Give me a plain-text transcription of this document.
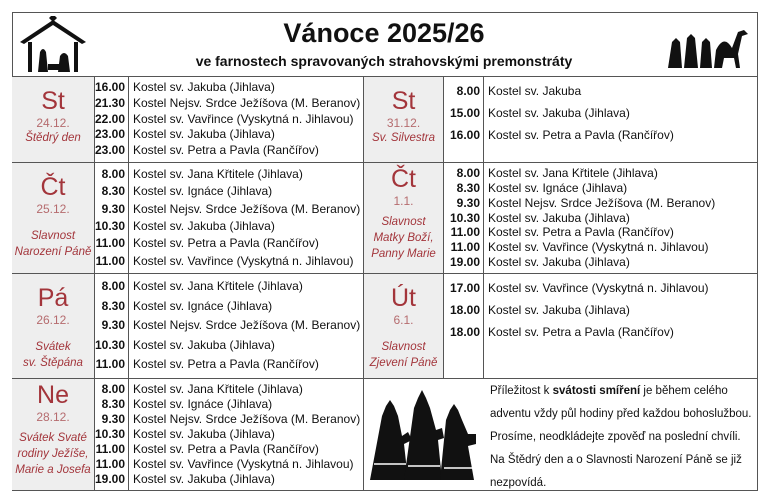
Vánoce 2025/26
ve farnostech spravovaných strahovskými premonstráty
St
24.12.
Štědrý den
16.00
21.30
22.00
23.00
23.00
Kostel sv. Jakuba (Jihlava)
Kostel Nejsv. Srdce Ježíšova (M. Beranov)
Kostel sv. Vavřince (Vyskytná n. Jihlavou)
Kostel sv. Jakuba (Jihlava)
Kostel sv. Petra a Pavla (Rančířov)
Čt
25.12.
Slavnost
Narození Páně
8.00
8.30
9.30
10.30
11.00
11.00
Kostel sv. Jana Křtitele (Jihlava)
Kostel sv. Ignáce (Jihlava)
Kostel Nejsv. Srdce Ježíšova (M. Beranov)
Kostel sv. Jakuba (Jihlava)
Kostel sv. Petra a Pavla (Rančířov)
Kostel sv. Vavřince (Vyskytná n. Jihlavou)
Pá
26.12.
Svátek
sv. Štěpána
8.00
8.30
9.30
10.30
11.00
Kostel sv. Jana Křtitele (Jihlava)
Kostel sv. Ignáce (Jihlava)
Kostel Nejsv. Srdce Ježíšova (M. Beranov)
Kostel sv. Jakuba (Jihlava)
Kostel sv. Petra a Pavla (Rančířov)
Ne
28.12.
Svátek Svaté
rodiny Ježíše,
Marie a Josefa
8.00
8.30
9.30
10.30
11.00
11.00
19.00
Kostel sv. Jana Křtitele (Jihlava)
Kostel sv. Ignáce (Jihlava)
Kostel Nejsv. Srdce Ježíšova (M. Beranov)
Kostel sv. Jakuba (Jihlava)
Kostel sv. Petra a Pavla (Rančířov)
Kostel sv. Vavřince (Vyskytná n. Jihlavou)
Kostel sv. Jakuba (Jihlava)
St
31.12.
Sv. Silvestra
8.00
15.00
16.00
Kostel sv. Jakuba
Kostel sv. Jakuba (Jihlava)
Kostel sv. Petra a Pavla (Rančířov)
Čt
1.1.
Slavnost
Matky Boží,
Panny Marie
8.00
8.30
9.30
10.30
11.00
11.00
19.00
Kostel sv. Jana Křtitele (Jihlava)
Kostel sv. Ignáce (Jihlava)
Kostel Nejsv. Srdce Ježíšova (M. Beranov)
Kostel sv. Jakuba (Jihlava)
Kostel sv. Petra a Pavla (Rančířov)
Kostel sv. Vavřince (Vyskytná n. Jihlavou)
Kostel sv. Jakuba (Jihlava)
Út
6.1.
Slavnost
Zjevení Páně
17.00
18.00
18.00
Kostel sv. Vavřince (Vyskytná n. Jihlavou)
Kostel sv. Jakuba (Jihlava)
Kostel sv. Petra a Pavla (Rančířov)
Příležitost k svátosti smíření je během celého
adventu vždy půl hodiny před každou bohoslužbou.
Prosíme, neodkládejte zpověď na poslední chvíli.
Na Štědrý den a o Slavnosti Narození Páně se již
nezpovídá.
